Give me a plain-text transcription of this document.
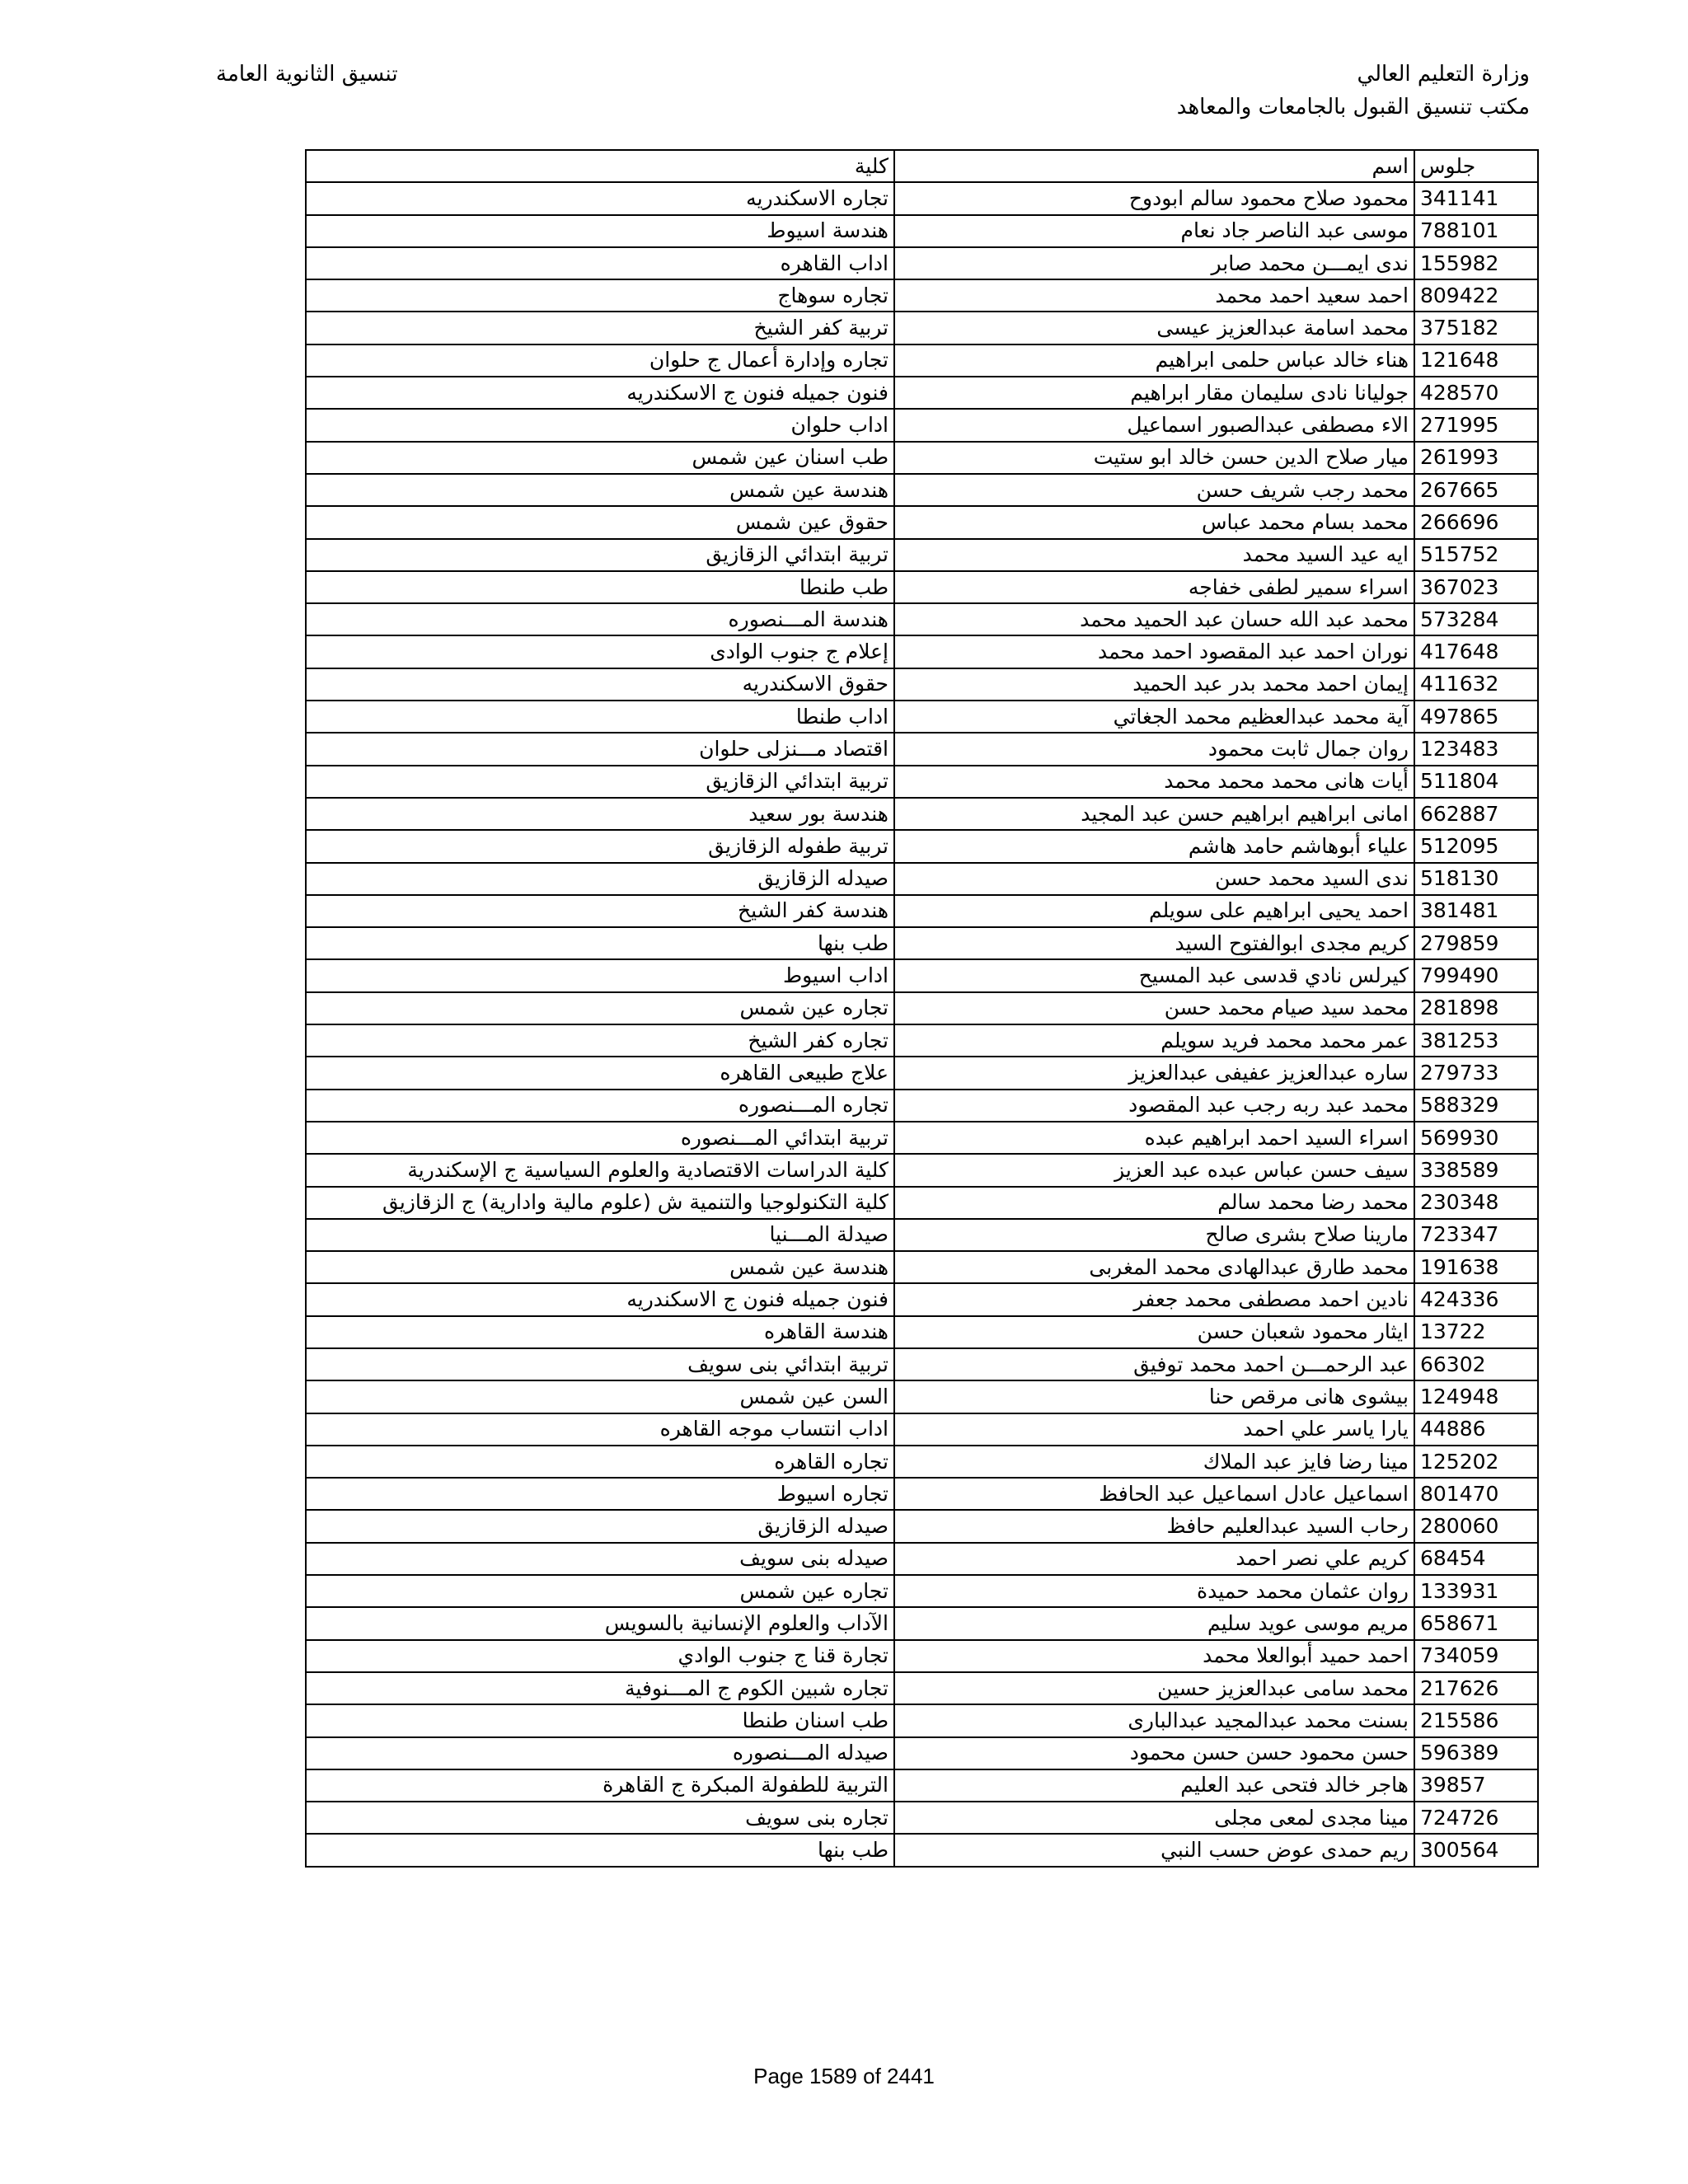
وزارة التعليم العالي
مكتب تنسيق القبول بالجامعات والمعاهد
تنسيق الثانوية العامة
كلية	اسم	جلوس
تجاره الاسكندريه	محمود صلاح محمود سالم ابودوح	341141
هندسة اسيوط	موسى عبد الناصر جاد نعام	788101
اداب القاهره	ندى ايمـــن محمد صابر	155982
تجاره سوهاج	احمد سعيد احمد محمد	809422
تربية كفر الشيخ	محمد اسامة عبدالعزيز عيسى	375182
تجاره وإدارة أعمال ج حلوان	هناء خالد عباس حلمى ابراهيم	121648
فنون جميله فنون ج الاسكندريه	جوليانا نادى سليمان مقار ابراهيم	428570
اداب حلوان	الاء مصطفى عبدالصبور اسماعيل	271995
طب اسنان عين شمس	ميار صلاح الدين حسن خالد ابو ستيت	261993
هندسة عين شمس	محمد رجب شريف حسن	267665
حقوق عين شمس	محمد بسام محمد عباس	266696
تربية ابتدائي الزقازيق	ايه عيد السيد محمد	515752
طب طنطا	اسراء سمير لطفى خفاجه	367023
هندسة المـــنصوره	محمد عبد الله حسان عبد الحميد محمد	573284
إعلام ج جنوب الوادى	نوران احمد عبد المقصود احمد محمد	417648
حقوق الاسكندريه	إيمان احمد محمد بدر عبد الحميد	411632
اداب طنطا	آية محمد عبدالعظيم محمد الجغاتي	497865
اقتصاد مـــنزلى حلوان	روان جمال ثابت محمود	123483
تربية ابتدائي الزقازيق	أيات هانى محمد محمد محمد	511804
هندسة بور سعيد	امانى ابراهيم ابراهيم حسن عبد المجيد	662887
تربية طفوله الزقازيق	علياء أبوهاشم حامد هاشم	512095
صيدله الزقازيق	ندى السيد محمد حسن	518130
هندسة كفر الشيخ	احمد يحيى ابراهيم على سويلم	381481
طب بنها	كريم مجدى ابوالفتوح السيد	279859
اداب اسيوط	كيرلس نادي قدسى عبد المسيح	799490
تجاره عين شمس	محمد سيد صيام محمد حسن	281898
تجاره كفر الشيخ	عمر محمد محمد فريد سويلم	381253
علاج طبيعى القاهره	ساره عبدالعزيز عفيفى عبدالعزيز	279733
تجاره المـــنصوره	محمد عبد ربه رجب عبد المقصود	588329
تربية ابتدائي المـــنصوره	اسراء السيد احمد ابراهيم عبده	569930
كلية الدراسات الاقتصادية والعلوم السياسية ج الإسكندرية	سيف حسن عباس عبده عبد العزيز	338589
كلية التكنولوجيا والتنمية ش (علوم مالية وادارية) ج الزقازيق	محمد رضا محمد سالم	230348
صيدلة المـــنيا	مارينا صلاح بشرى صالح	723347
هندسة عين شمس	محمد طارق عبدالهادى محمد المغربى	191638
فنون جميله فنون ج الاسكندريه	نادين احمد مصطفى محمد جعفر	424336
هندسة القاهره	ايثار محمود شعبان حسن	13722
تربية ابتدائي بنى سويف	عبد الرحمـــن احمد محمد توفيق	66302
السن عين شمس	بيشوى هانى مرقص حنا	124948
اداب انتساب موجه القاهره	يارا ياسر علي احمد	44886
تجاره القاهره	مينا رضا فايز عبد الملاك	125202
تجاره اسيوط	اسماعيل عادل اسماعيل عبد الحافظ	801470
صيدله الزقازيق	رحاب السيد عبدالعليم حافظ	280060
صيدله بنى سويف	كريم علي نصر احمد	68454
تجاره عين شمس	روان عثمان محمد حميدة	133931
الآداب والعلوم الإنسانية بالسويس	مريم موسى عويد سليم	658671
تجارة قنا ج جنوب الوادي	احمد حميد أبوالعلا محمد	734059
تجاره شبين الكوم ج المـــنوفية	محمد سامى عبدالعزيز حسين	217626
طب اسنان طنطا	بسنت محمد عبدالمجيد عبدالبارى	215586
صيدله المـــنصوره	حسن محمود حسن حسن محمود	596389
التربية للطفولة المبكرة ج القاهرة	هاجر خالد فتحى عبد العليم	39857
تجاره بنى سويف	مينا مجدى لمعى مجلى	724726
طب بنها	ريم حمدى عوض حسب النبي	300564
Page 1589 of 2441
